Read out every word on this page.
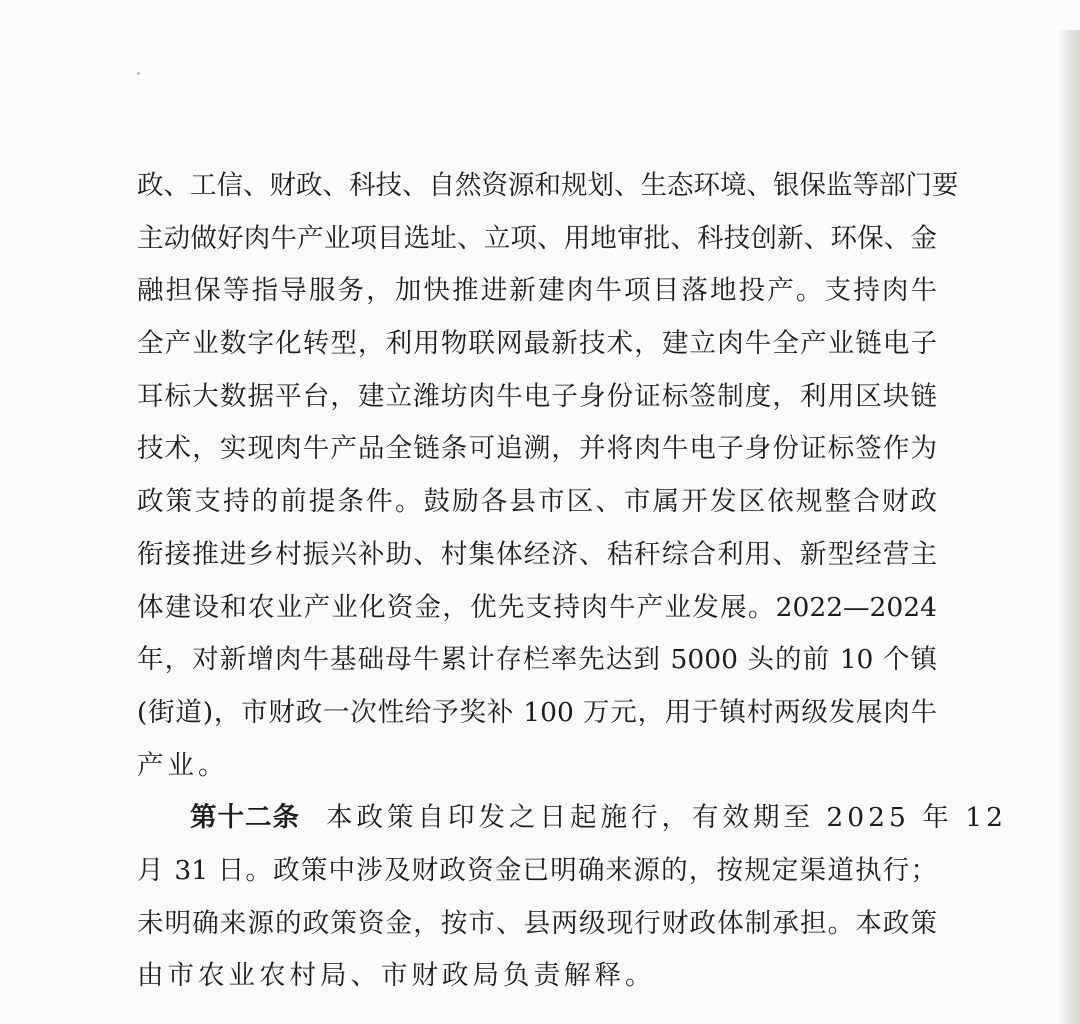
政、工信、财政、科技、自然资源和规划、生态环境、银保监等部门要
主动做好肉牛产业项目选址、立项、用地审批、科技创新、环保、金
融担保等指导服务，加快推进新建肉牛项目落地投产。支持肉牛
全产业数字化转型，利用物联网最新技术，建立肉牛全产业链电子
耳标大数据平台，建立潍坊肉牛电子身份证标签制度，利用区块链
技术，实现肉牛产品全链条可追溯，并将肉牛电子身份证标签作为
政策支持的前提条件。鼓励各县市区、市属开发区依规整合财政
衔接推进乡村振兴补助、村集体经济、秸秆综合利用、新型经营主
体建设和农业产业化资金，优先支持肉牛产业发展。2022—2024
年，对新增肉牛基础母牛累计存栏率先达到 5000 头的前 10 个镇
(街道)，市财政一次性给予奖补 100 万元，用于镇村两级发展肉牛
产业。
第十二条 本政策自印发之日起施行，有效期至 2025 年 12
月 31 日。政策中涉及财政资金已明确来源的，按规定渠道执行；
未明确来源的政策资金，按市、县两级现行财政体制承担。本政策
由市农业农村局、市财政局负责解释。
